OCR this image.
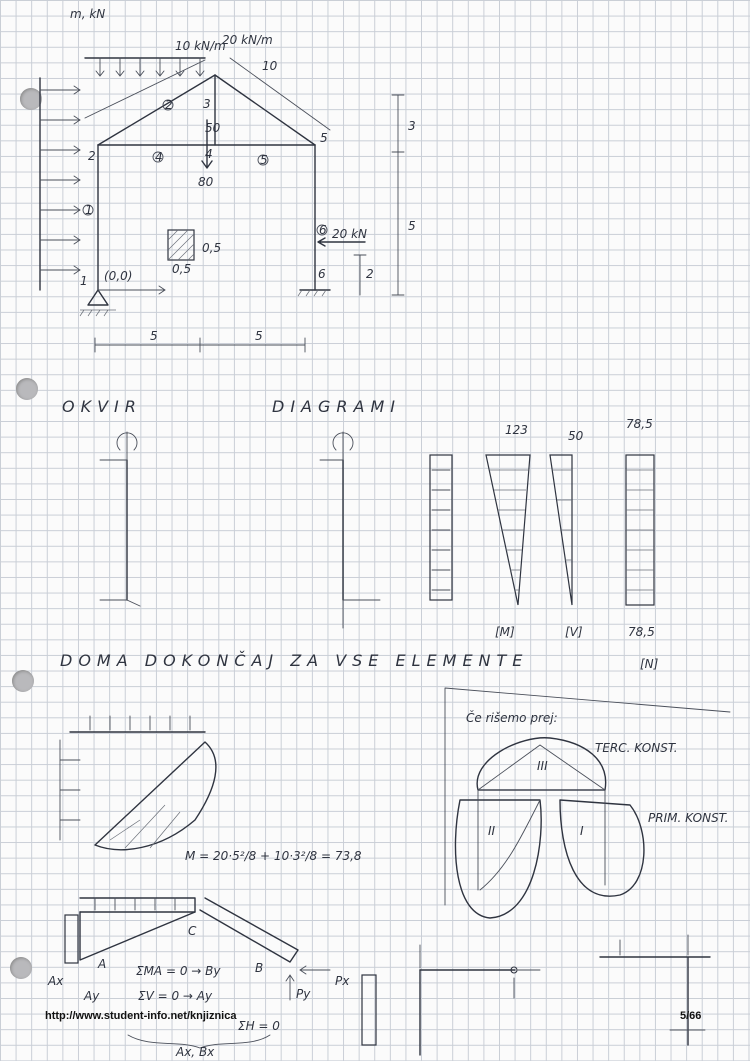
m, kN
10 kN/m
20 kN/m
10
50
80
20 kN
1
4
2
5
6
1
2
3
4
5
6
(0,0)
0,5
0,5
5	5
3
5
2
OKVIR	DIAGRAMI
123
[M]
50
[V]
78,5
78,5
[N]
DOMA DOKONČAJ ZA VSE ELEMENTE
M = 20·5²/8 + 10·3²/8 = 73,8
Če rišemo prej:
TERC. KONST.
PRIM. KONST.
III
II	I
C
A	B
Ax
Ay
Px
Py
ΣMA = 0 → By
ΣV = 0 → Ay
ΣH = 0
Ax, Bx
http://www.student-info.net/knjiznica	5/66
